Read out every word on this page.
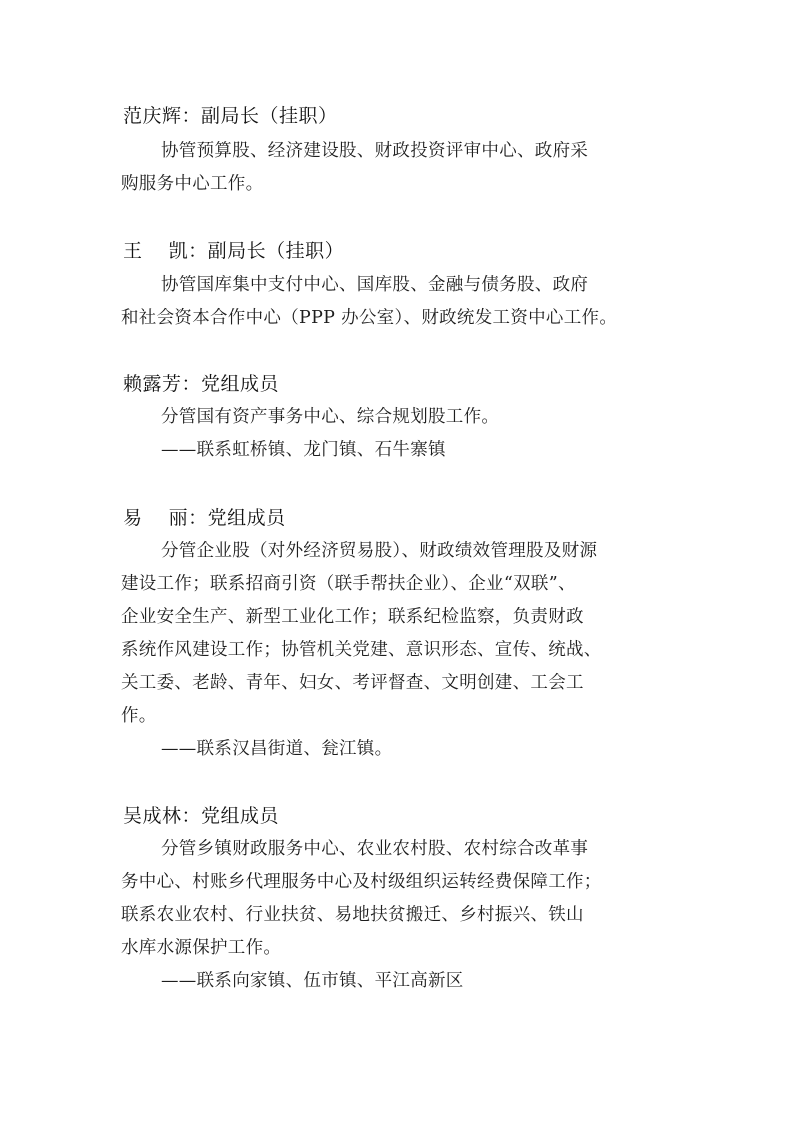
范庆辉：副局长（挂职）
协管预算股、经济建设股、财政投资评审中心、政府采
购服务中心工作。
王    凯：副局长（挂职）
协管国库集中支付中心、国库股、金融与债务股、政府
和社会资本合作中心（PPP 办公室）、财政统发工资中心工作。
赖露芳：党组成员
分管国有资产事务中心、综合规划股工作。
——联系虹桥镇、龙门镇、石牛寨镇
易    丽：党组成员
分管企业股（对外经济贸易股）、财政绩效管理股及财源
建设工作；联系招商引资（联手帮扶企业）、企业“双联”、
企业安全生产、新型工业化工作；联系纪检监察，负责财政
系统作风建设工作；协管机关党建、意识形态、宣传、统战、
关工委、老龄、青年、妇女、考评督查、文明创建、工会工
作。
——联系汉昌街道、瓮江镇。
吴成林：党组成员
分管乡镇财政服务中心、农业农村股、农村综合改革事
务中心、村账乡代理服务中心及村级组织运转经费保障工作；
联系农业农村、行业扶贫、易地扶贫搬迁、乡村振兴、铁山
水库水源保护工作。
——联系向家镇、伍市镇、平江高新区
